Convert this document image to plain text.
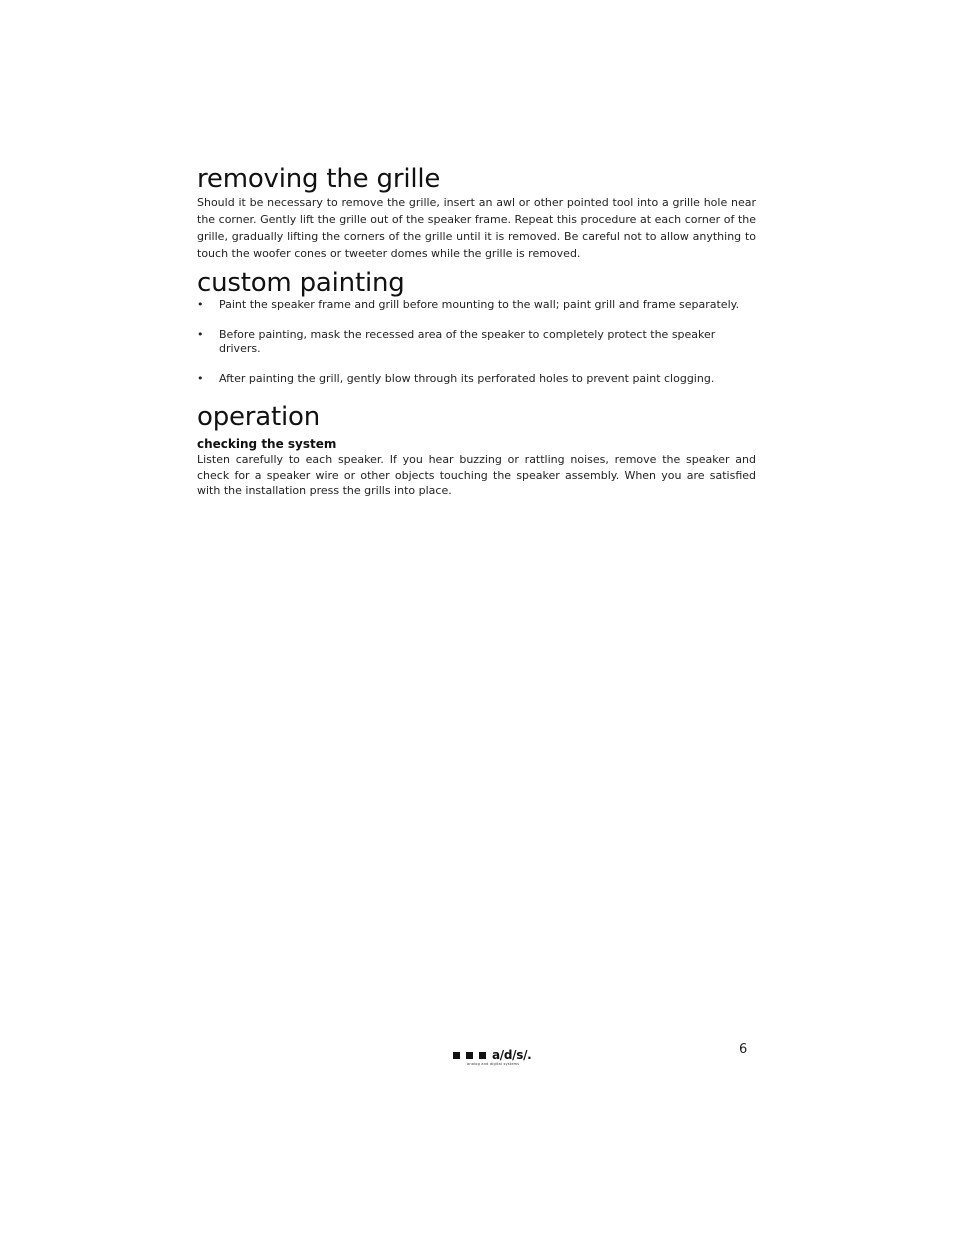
removing the grille

Should it be necessary to remove the grille, insert an awl or other pointed tool into a grille hole near the corner. Gently lift the grille out of the speaker frame. Repeat this procedure at each corner of the grille, gradually lifting the corners of the grille until it is removed. Be careful not to allow anything to touch the woofer cones or tweeter domes while the grille is removed.

custom painting
• Paint the speaker frame and grill before mounting to the wall; paint grill and frame separately.
• Before painting, mask the recessed area of the speaker to completely protect the speaker drivers.
• After painting the grill, gently blow through its perforated holes to prevent paint clogging.
operation
checking the system

Listen carefully to each speaker. If you hear buzzing or rattling noises, remove the speaker and check for a speaker wire or other objects touching the speaker assembly. When you are satisfied with the installation press the grills into place.

a/d/s/.
analog and digital systems
6
